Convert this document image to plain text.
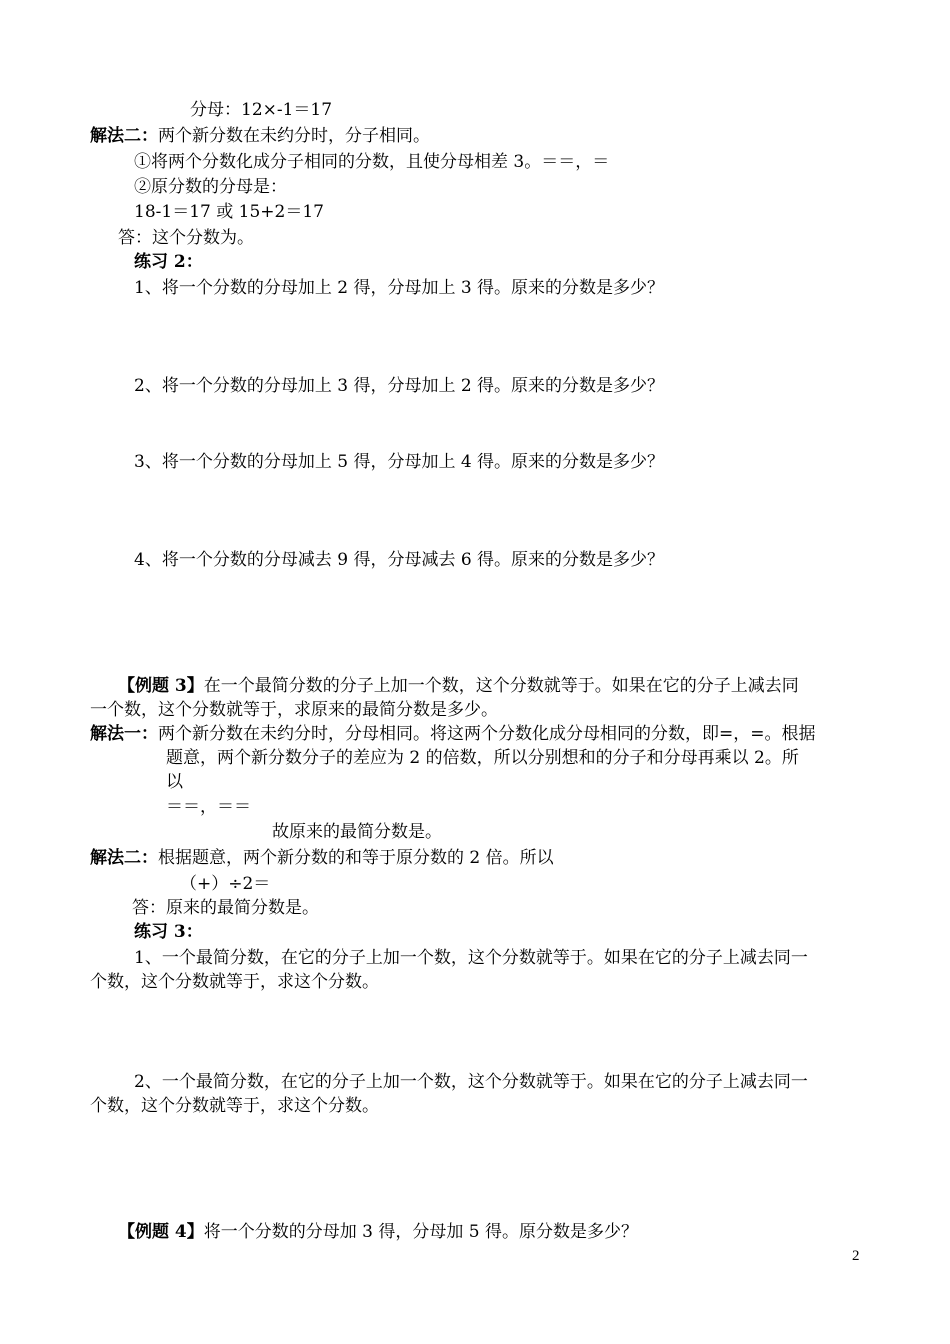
分母：12×-1＝17
解法二：两个新分数在未约分时，分子相同。
①将两个分数化成分子相同的分数，且使分母相差 3。＝＝，＝
②原分数的分母是：
18-1＝17 或 15+2＝17
答：这个分数为。
练习 2：
1、将一个分数的分母加上 2 得，分母加上 3 得。原来的分数是多少？
2、将一个分数的分母加上 3 得，分母加上 2 得。原来的分数是多少？
3、将一个分数的分母加上 5 得，分母加上 4 得。原来的分数是多少？
4、将一个分数的分母减去 9 得，分母减去 6 得。原来的分数是多少？
【例题 3】在一个最简分数的分子上加一个数，这个分数就等于。如果在它的分子上减去同
一个数，这个分数就等于，求原来的最简分数是多少。
解法一：两个新分数在未约分时，分母相同。将这两个分数化成分母相同的分数，即=，=。根据
题意，两个新分数分子的差应为 2 的倍数，所以分别想和的分子和分母再乘以 2。所
以
＝＝，＝＝
故原来的最简分数是。
解法二：根据题意，两个新分数的和等于原分数的 2 倍。所以
（+）÷2＝
答：原来的最简分数是。
练习 3：
1、一个最简分数，在它的分子上加一个数，这个分数就等于。如果在它的分子上减去同一
个数，这个分数就等于，求这个分数。
2、一个最简分数，在它的分子上加一个数，这个分数就等于。如果在它的分子上减去同一
个数，这个分数就等于，求这个分数。
【例题 4】将一个分数的分母加 3 得，分母加 5 得。原分数是多少？
2
